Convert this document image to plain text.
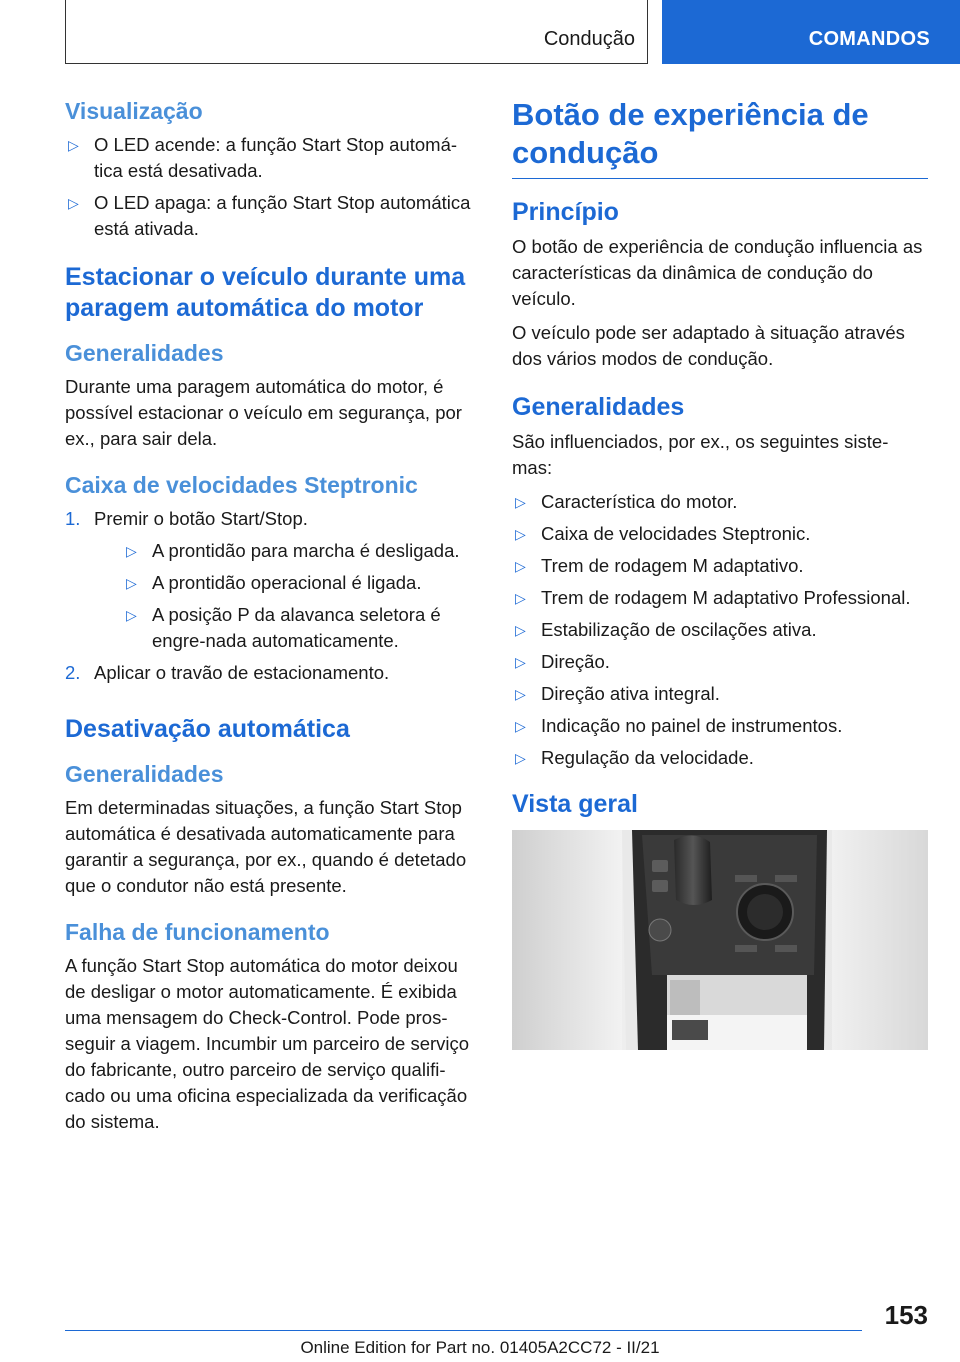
Condução	COMANDOS
Visualização
▷ O LED acende: a função Start Stop automá-tica está desativada.
▷ O LED apaga: a função Start Stop automática está ativada.
Estacionar o veículo durante uma paragem automática do motor
Generalidades

Durante uma paragem automática do motor, é possível estacionar o veículo em segurança, por ex., para sair dela.

Caixa de velocidades Steptronic
1. Premir o botão Start/Stop.
▷ A prontidão para marcha é desligada.
▷ A prontidão operacional é ligada.
▷ A posição P da alavanca seletora é engre-nada automaticamente.
2. Aplicar o travão de estacionamento.
Desativação automática
Generalidades

Em determinadas situações, a função Start Stop automática é desativada automaticamente para garantir a segurança, por ex., quando é detetado que o condutor não está presente.

Falha de funcionamento

A função Start Stop automática do motor deixou de desligar o motor automaticamente. É exibida uma mensagem do Check-Control. Pode pros-seguir a viagem. Incumbir um parceiro de serviço do fabricante, outro parceiro de serviço qualifi-cado ou uma oficina especializada da verificação do sistema.

Botão de experiência de condução
Princípio

O botão de experiência de condução influencia as características da dinâmica de condução do veículo.

O veículo pode ser adaptado à situação através dos vários modos de condução.

Generalidades

São influenciados, por ex., os seguintes siste-mas:

▷ Característica do motor.
▷ Caixa de velocidades Steptronic.
▷ Trem de rodagem M adaptativo.
▷ Trem de rodagem M adaptativo Professional.
▷ Estabilização de oscilações ativa.
▷ Direção.
▷ Direção ativa integral.
▷ Indicação no painel de instrumentos.
▷ Regulação da velocidade.
Vista geral
153
Online Edition for Part no. 01405A2CC72 - II/21
